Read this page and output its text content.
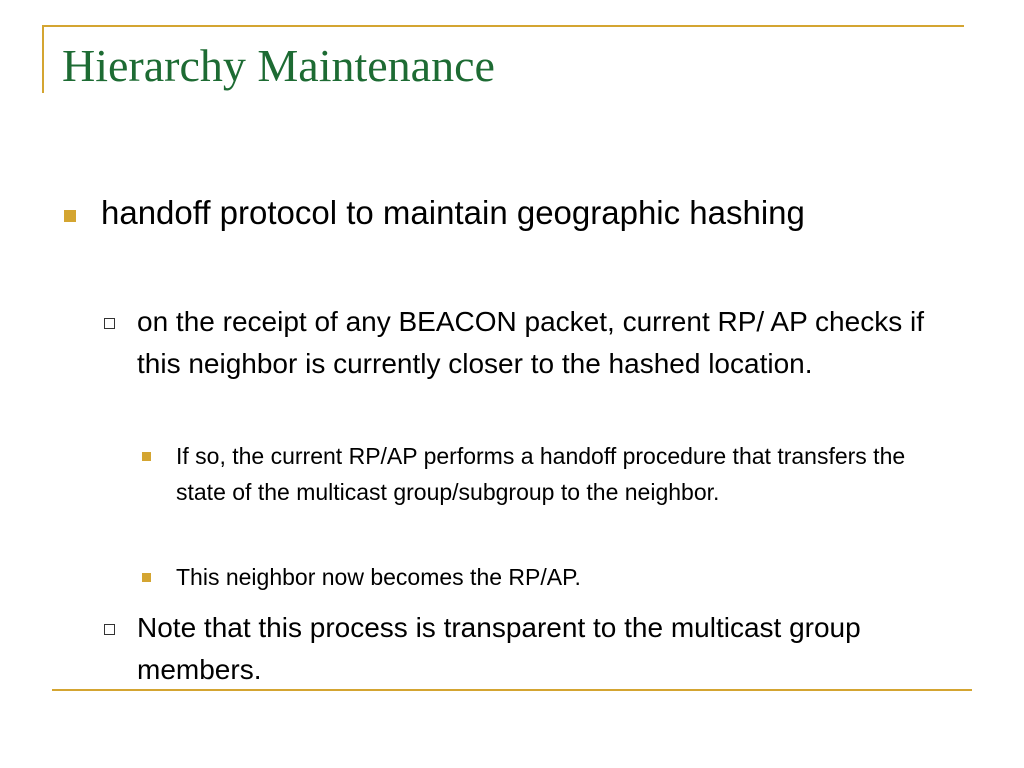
Hierarchy Maintenance

handoff protocol to maintain geographic hashing

on the receipt of any BEACON packet, current RP/ AP checks if this neighbor is currently closer to the hashed location.

If so, the current RP/AP performs a handoff procedure that transfers the state of the multicast group/subgroup to the neighbor.

This neighbor now becomes the RP/AP.

Note that this process is transparent to the multicast group members.
